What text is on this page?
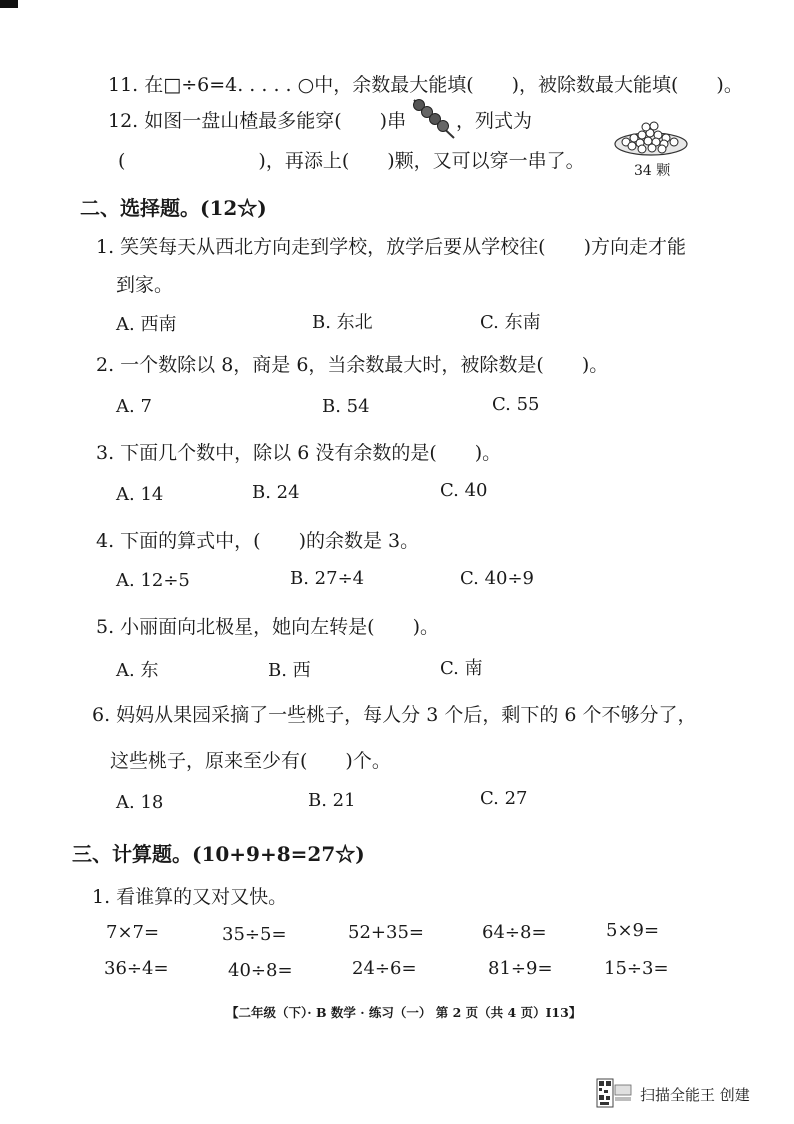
11. 在□÷6=4. . . . . ○中，余数最大能填(　　)，被除数最大能填(　　)。
12. 如图一盘山楂最多能穿(　　)串	，列式为
(　　　　　　　)，再添上(　　)颗，又可以穿一串了。	34 颗
二、选择题。(12☆)
1. 笑笑每天从西北方向走到学校，放学后要从学校往(　　)方向走才能
到家。
A. 西南	B. 东北	C. 东南
2. 一个数除以 8，商是 6，当余数最大时，被除数是(　　)。
A. 7	B. 54	C. 55
3. 下面几个数中，除以 6 没有余数的是(　　)。
A. 14	B. 24	C. 40
4. 下面的算式中，(　　)的余数是 3。
A. 12÷5	B. 27÷4	C. 40÷9
5. 小丽面向北极星，她向左转是(　　)。
A. 东	B. 西	C. 南
6. 妈妈从果园采摘了一些桃子，每人分 3 个后，剩下的 6 个不够分了，
这些桃子，原来至少有(　　)个。
A. 18	B. 21	C. 27
三、计算题。(10+9+8=27☆)
1. 看谁算的又对又快。
7×7=	35÷5=	52+35=	64÷8=	5×9=
36÷4=	40÷8=	24÷6=	81÷9=	15÷3=
【二年级（下）· B 数学 · 练习（一） 第 2 页（共 4 页）I13】
扫描全能王 创建
